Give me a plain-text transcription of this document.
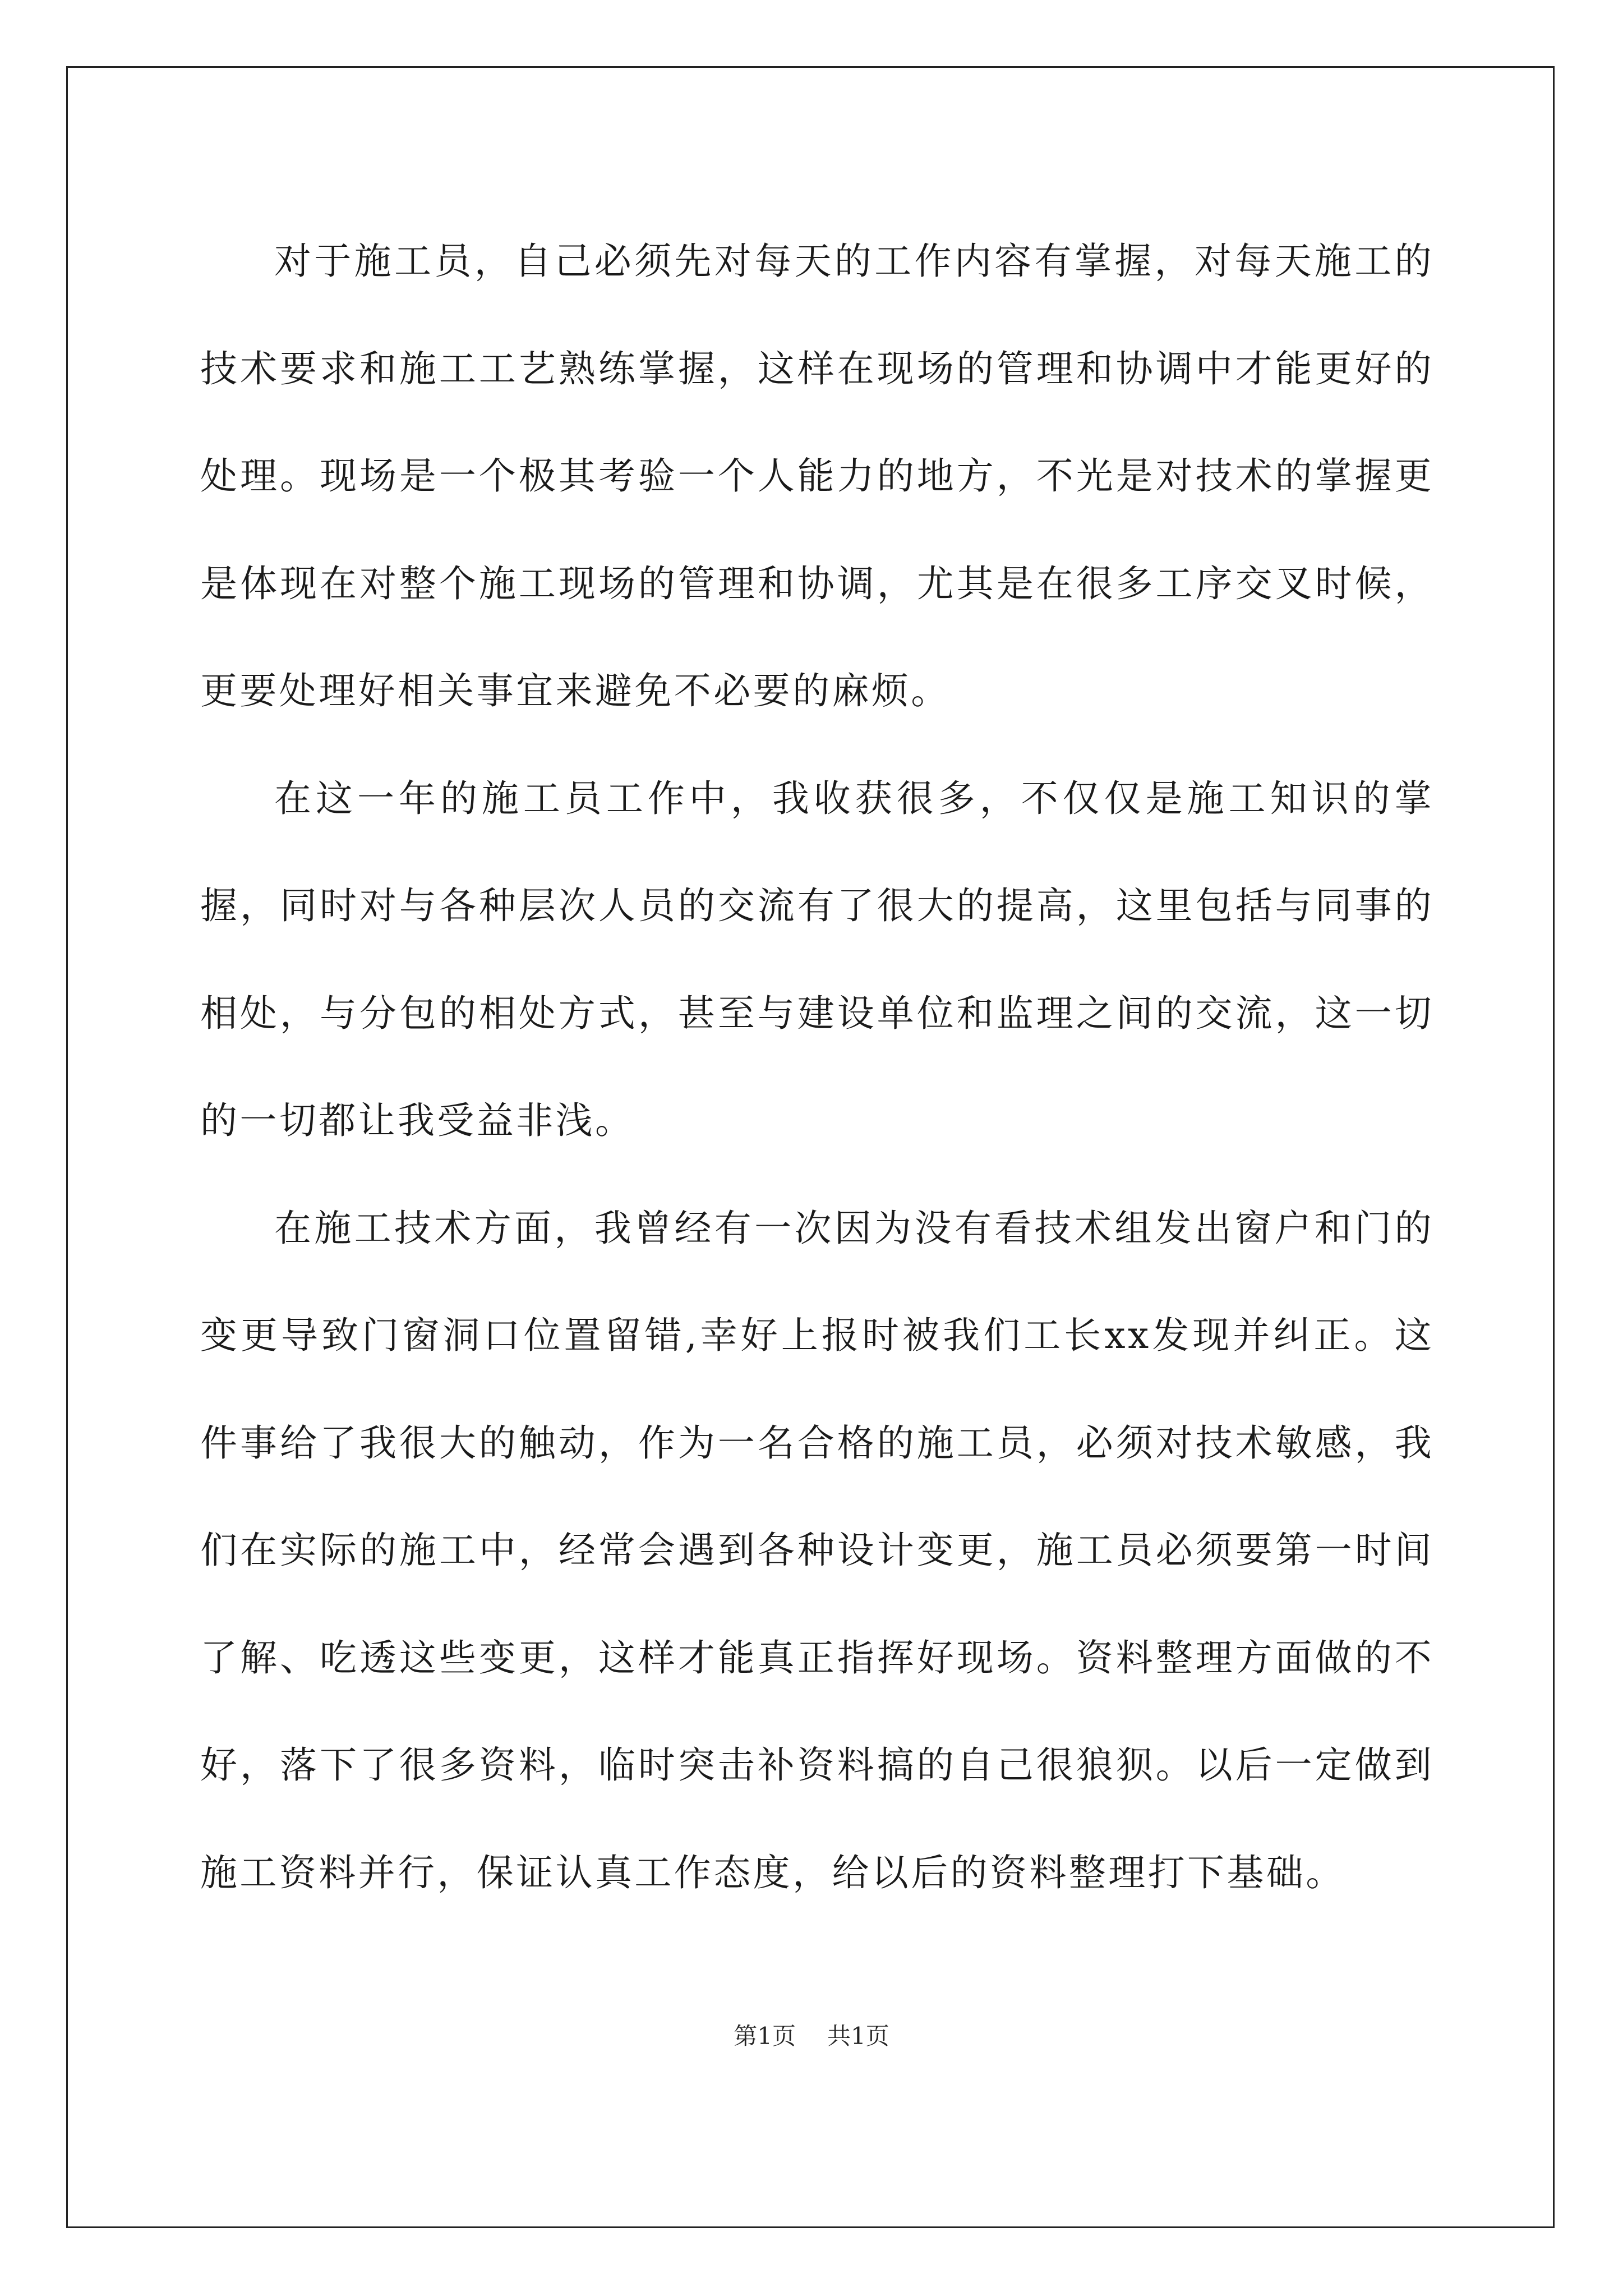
对于施工员，自己必须先对每天的工作内容有掌握，对每天施工的技术要求和施工工艺熟练掌握，这样在现场的管理和协调中才能更好的处理。现场是一个极其考验一个人能力的地方，不光是对技术的掌握更是体现在对整个施工现场的管理和协调，尤其是在很多工序交叉时候，更要处理好相关事宜来避免不必要的麻烦。

在这一年的施工员工作中，我收获很多，不仅仅是施工知识的掌握，同时对与各种层次人员的交流有了很大的提高，这里包括与同事的相处，与分包的相处方式，甚至与建设单位和监理之间的交流，这一切的一切都让我受益非浅。

在施工技术方面，我曾经有一次因为没有看技术组发出窗户和门的变更导致门窗洞口位置留错,幸好上报时被我们工长xx发现并纠正。这件事给了我很大的触动，作为一名合格的施工员，必须对技术敏感，我们在实际的施工中，经常会遇到各种设计变更，施工员必须要第一时间了解、吃透这些变更，这样才能真正指挥好现场。资料整理方面做的不好，落下了很多资料，临时突击补资料搞的自己很狼狈。以后一定做到施工资料并行，保证认真工作态度，给以后的资料整理打下基础。

第1页 共1页
